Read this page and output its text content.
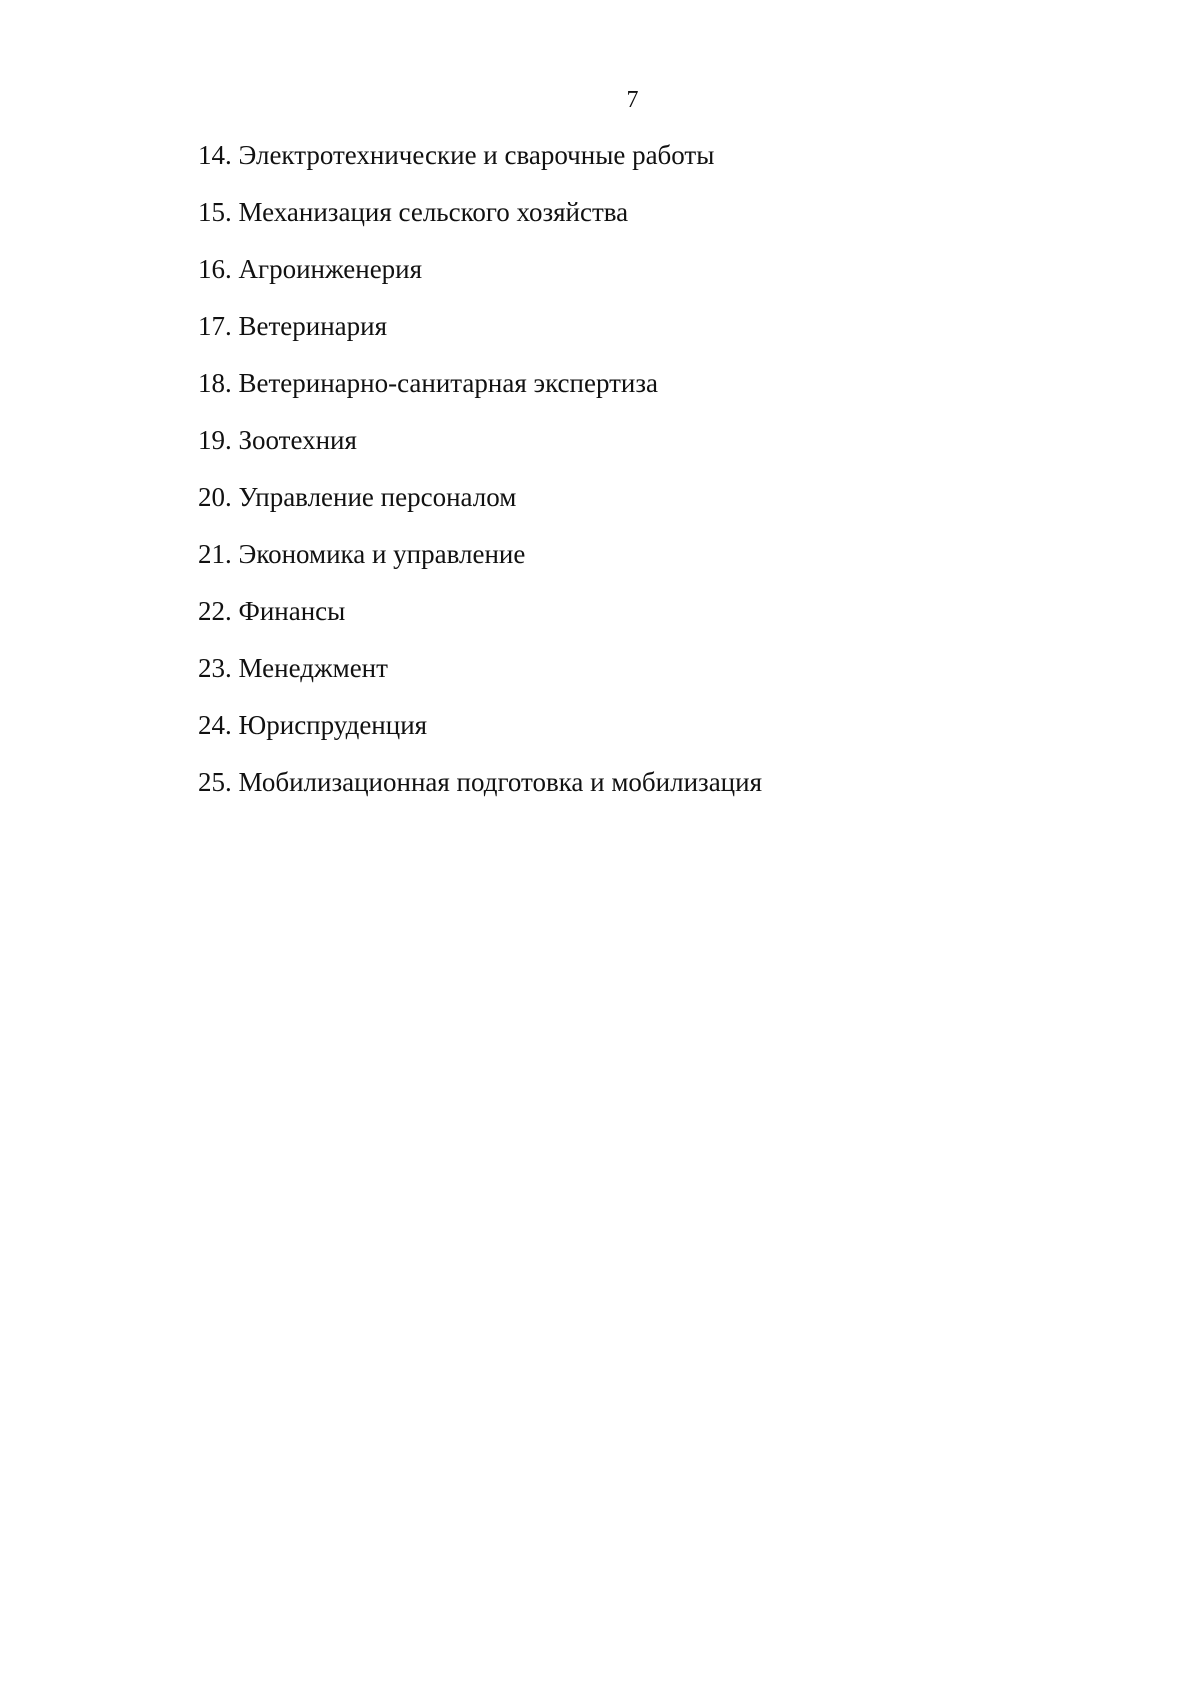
7
14. Электротехнические и сварочные работы
15. Механизация сельского хозяйства
16. Агроинженерия
17. Ветеринария
18. Ветеринарно-санитарная экспертиза
19. Зоотехния
20. Управление персоналом
21. Экономика и управление
22. Финансы
23. Менеджмент
24. Юриспруденция
25. Мобилизационная подготовка и мобилизация
